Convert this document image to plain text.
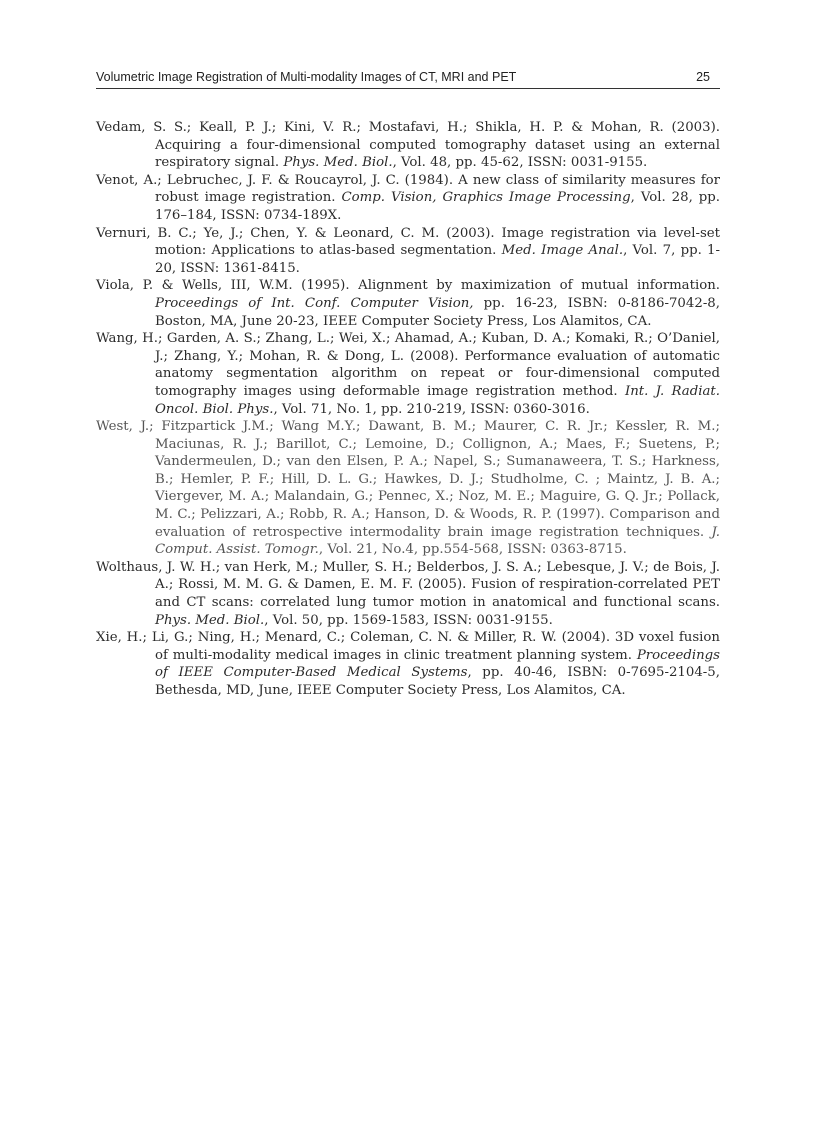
Volumetric Image Registration of Multi-modality Images of CT, MRI and PET	25

Vedam, S. S.; Keall, P. J.; Kini, V. R.; Mostafavi, H.; Shikla, H. P. & Mohan, R. (2003). Acquiring a four-dimensional computed tomography dataset using an external respiratory signal. Phys. Med. Biol., Vol. 48, pp. 45-62, ISSN: 0031-9155.

Venot, A.; Lebruchec, J. F. & Roucayrol, J. C. (1984). A new class of similarity measures for robust image registration. Comp. Vision, Graphics Image Processing, Vol. 28, pp. 176–184, ISSN: 0734-189X.

Vernuri, B. C.; Ye, J.; Chen, Y. & Leonard, C. M. (2003). Image registration via level-set motion: Applications to atlas-based segmentation. Med. Image Anal., Vol. 7, pp. 1-20, ISSN: 1361-8415.

Viola, P. & Wells, III, W.M. (1995). Alignment by maximization of mutual information. Proceedings of Int. Conf. Computer Vision, pp. 16-23, ISBN: 0-8186-7042-8, Boston, MA, June 20-23, IEEE Computer Society Press, Los Alamitos, CA.

Wang, H.; Garden, A. S.; Zhang, L.; Wei, X.; Ahamad, A.; Kuban, D. A.; Komaki, R.; O’Daniel, J.; Zhang, Y.; Mohan, R. & Dong, L. (2008). Performance evaluation of automatic anatomy segmentation algorithm on repeat or four-dimensional computed tomography images using deformable image registration method. Int. J. Radiat. Oncol. Biol. Phys., Vol. 71, No. 1, pp. 210-219, ISSN: 0360-3016.

West, J.; Fitzpartick J.M.; Wang M.Y.; Dawant, B. M.; Maurer, C. R. Jr.; Kessler, R. M.; Maciunas, R. J.; Barillot, C.; Lemoine, D.; Collignon, A.; Maes, F.; Suetens, P.; Vandermeulen, D.; van den Elsen, P. A.; Napel, S.; Sumanaweera, T. S.; Harkness, B.; Hemler, P. F.; Hill, D. L. G.; Hawkes, D. J.; Studholme, C. ; Maintz, J. B. A.; Viergever, M. A.; Malandain, G.; Pennec, X.; Noz, M. E.; Maguire, G. Q. Jr.; Pollack, M. C.; Pelizzari, A.; Robb, R. A.; Hanson, D. & Woods, R. P. (1997). Comparison and evaluation of retrospective intermodality brain image registration techniques. J. Comput. Assist. Tomogr., Vol. 21, No.4, pp.554-568, ISSN: 0363-8715.

Wolthaus, J. W. H.; van Herk, M.; Muller, S. H.; Belderbos, J. S. A.; Lebesque, J. V.; de Bois, J. A.; Rossi, M. M. G. & Damen, E. M. F. (2005). Fusion of respiration-correlated PET and CT scans: correlated lung tumor motion in anatomical and functional scans. Phys. Med. Biol., Vol. 50, pp. 1569-1583, ISSN: 0031-9155.

Xie, H.; Li, G.; Ning, H.; Menard, C.; Coleman, C. N. & Miller, R. W. (2004). 3D voxel fusion of multi-modality medical images in clinic treatment planning system. Proceedings of IEEE Computer-Based Medical Systems, pp. 40-46, ISBN: 0-7695-2104-5, Bethesda, MD, June, IEEE Computer Society Press, Los Alamitos, CA.
